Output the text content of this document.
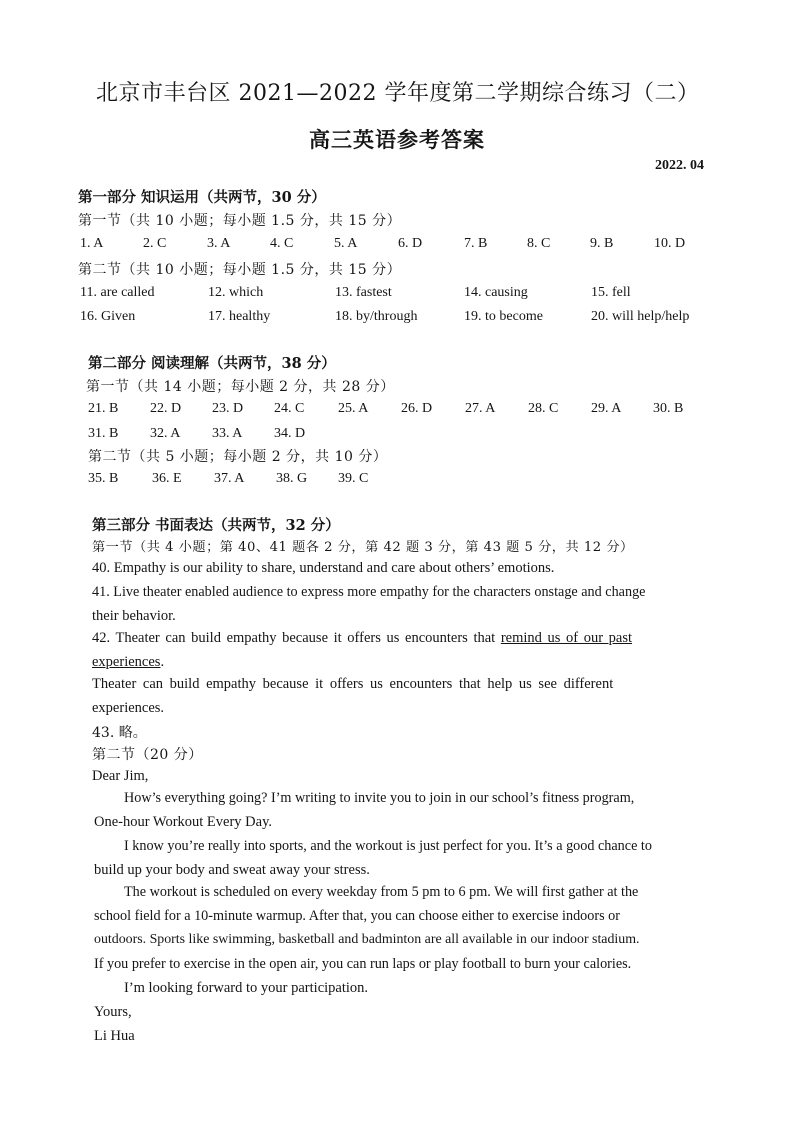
北京市丰台区 2021—2022 学年度第二学期综合练习（二）
高三英语参考答案
2022. 04
第一部分 知识运用（共两节，30 分）
第一节（共 10 小题；每小题 1.5 分，共 15 分）
1. A	2. C	3. A	4. C	5. A	6. D	7. B	8. C	9. B	10. D
第二节（共 10 小题；每小题 1.5 分，共 15 分）
11. are called	12. which	13. fastest	14. causing	15. fell
16. Given	17. healthy	18. by/through	19. to become	20. will help/help
第二部分 阅读理解（共两节，38 分）
第一节（共 14 小题；每小题 2 分，共 28 分）
21. B 22. D 23. D 24. C 25. A 26. D 27. A 28. C 29. A 30. B
31. B 32. A 33. A 34. D
第二节（共 5 小题；每小题 2 分，共 10 分）
35. B 36. E 37. A 38. G 39. C
第三部分 书面表达（共两节，32 分）
第一节（共 4 小题；第 40、41 题各 2 分，第 42 题 3 分，第 43 题 5 分，共 12 分）
40. Empathy is our ability to share, understand and care about others’ emotions.
41. Live theater enabled audience to express more empathy for the characters onstage and change
their behavior.
42. Theater can build empathy because it offers us encounters that remind us of our past
experiences.
Theater can build empathy because it offers us encounters that help us see different
experiences.
43. 略。
第二节（20 分）
Dear Jim,
How’s everything going? I’m writing to invite you to join in our school’s fitness program,
One-hour Workout Every Day.
I know you’re really into sports, and the workout is just perfect for you. It’s a good chance to
build up your body and sweat away your stress.
The workout is scheduled on every weekday from 5 pm to 6 pm. We will first gather at the
school field for a 10-minute warmup. After that, you can choose either to exercise indoors or
outdoors. Sports like swimming, basketball and badminton are all available in our indoor stadium.
If you prefer to exercise in the open air, you can run laps or play football to burn your calories.
I’m looking forward to your participation.
Yours,
Li Hua
